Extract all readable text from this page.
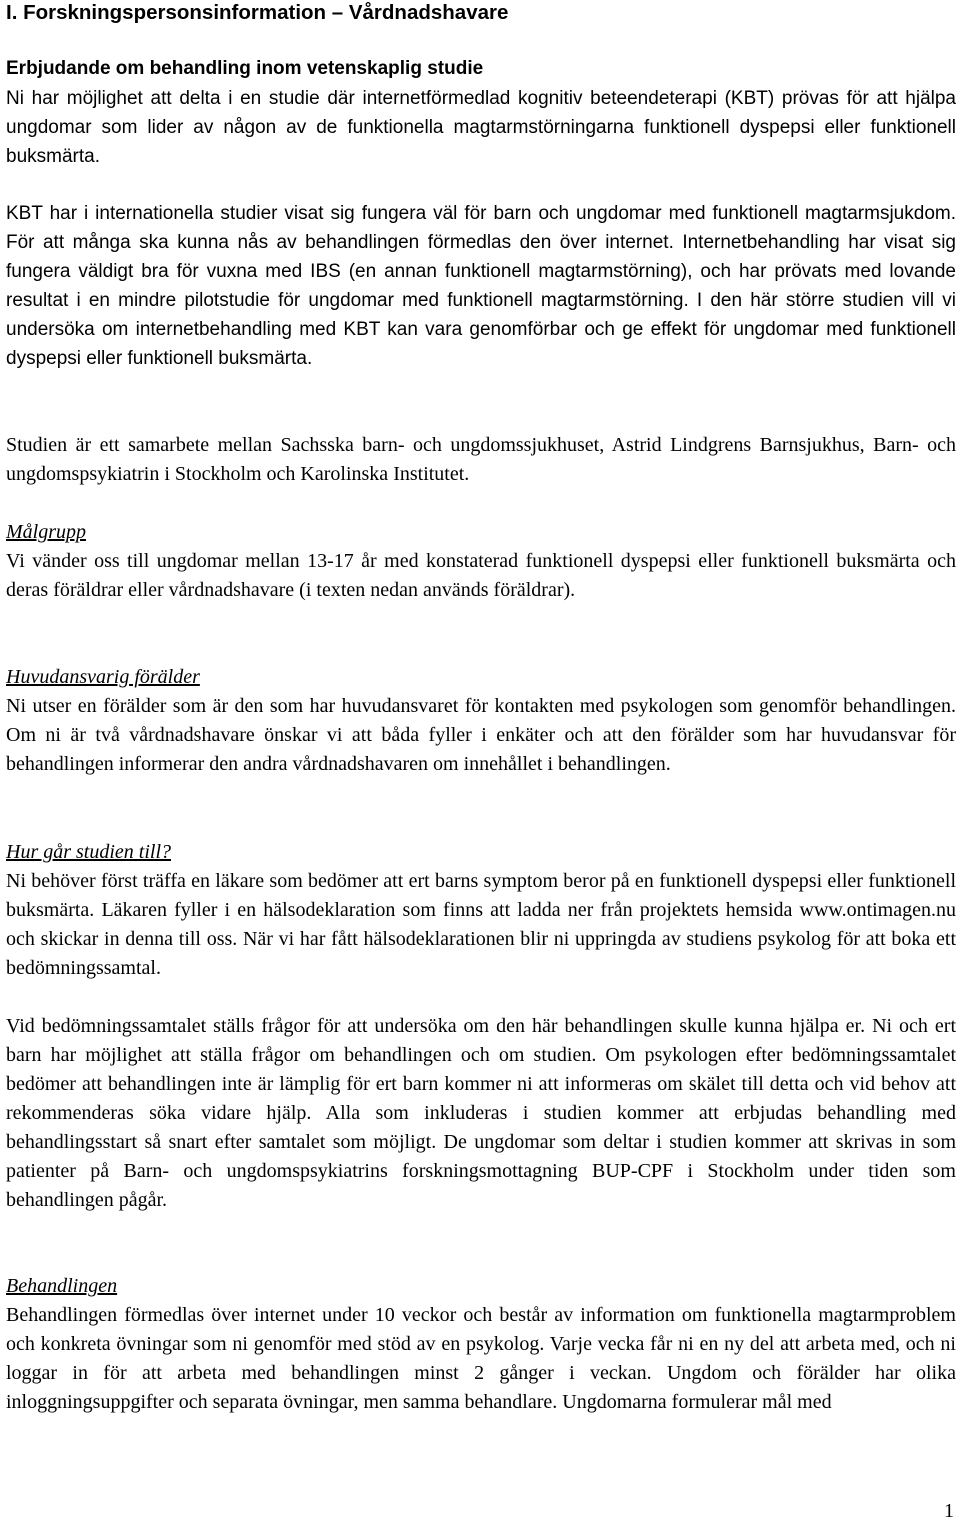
I. Forskningspersonsinformation – Vårdnadshavare
Erbjudande om behandling inom vetenskaplig studie

Ni har möjlighet att delta i en studie där internetförmedlad kognitiv beteendeterapi (KBT) prövas för att hjälpa ungdomar som lider av någon av de funktionella magtarmstörningarna funktionell dyspepsi eller funktionell buksmärta.

KBT har i internationella studier visat sig fungera väl för barn och ungdomar med funktionell magtarmsjukdom. För att många ska kunna nås av behandlingen förmedlas den över internet. Internetbehandling har visat sig fungera väldigt bra för vuxna med IBS (en annan funktionell magtarmstörning), och har prövats med lovande resultat i en mindre pilotstudie för ungdomar med funktionell magtarmstörning. I den här större studien vill vi undersöka om internetbehandling med KBT kan vara genomförbar och ge effekt för ungdomar med funktionell dyspepsi eller funktionell buksmärta.

Studien är ett samarbete mellan Sachsska barn- och ungdomssjukhuset, Astrid Lindgrens Barnsjukhus, Barn- och ungdomspsykiatrin i Stockholm och Karolinska Institutet.

Målgrupp

Vi vänder oss till ungdomar mellan 13-17 år med konstaterad funktionell dyspepsi eller funktionell buksmärta och deras föräldrar eller vårdnadshavare (i texten nedan används föräldrar).

Huvudansvarig förälder

Ni utser en förälder som är den som har huvudansvaret för kontakten med psykologen som genomför behandlingen. Om ni är två vårdnadshavare önskar vi att båda fyller i enkäter och att den förälder som har huvudansvar för behandlingen informerar den andra vårdnadshavaren om innehållet i behandlingen.

Hur går studien till?

Ni behöver först träffa en läkare som bedömer att ert barns symptom beror på en funktionell dyspepsi eller funktionell buksmärta. Läkaren fyller i en hälsodeklaration som finns att ladda ner från projektets hemsida www.ontimagen.nu och skickar in denna till oss. När vi har fått hälsodeklarationen blir ni uppringda av studiens psykolog för att boka ett bedömningssamtal.

Vid bedömningssamtalet ställs frågor för att undersöka om den här behandlingen skulle kunna hjälpa er. Ni och ert barn har möjlighet att ställa frågor om behandlingen och om studien. Om psykologen efter bedömningssamtalet bedömer att behandlingen inte är lämplig för ert barn kommer ni att informeras om skälet till detta och vid behov att rekommenderas söka vidare hjälp. Alla som inkluderas i studien kommer att erbjudas behandling med behandlingsstart så snart efter samtalet som möjligt. De ungdomar som deltar i studien kommer att skrivas in som patienter på Barn- och ungdomspsykiatrins forskningsmottagning BUP-CPF i Stockholm under tiden som behandlingen pågår.

Behandlingen

Behandlingen förmedlas över internet under 10 veckor och består av information om funktionella magtarmproblem och konkreta övningar som ni genomför med stöd av en psykolog. Varje vecka får ni en ny del att arbeta med, och ni loggar in för att arbeta med behandlingen minst 2 gånger i veckan. Ungdom och förälder har olika inloggningsuppgifter och separata övningar, men samma behandlare. Ungdomarna formulerar mål med

1
